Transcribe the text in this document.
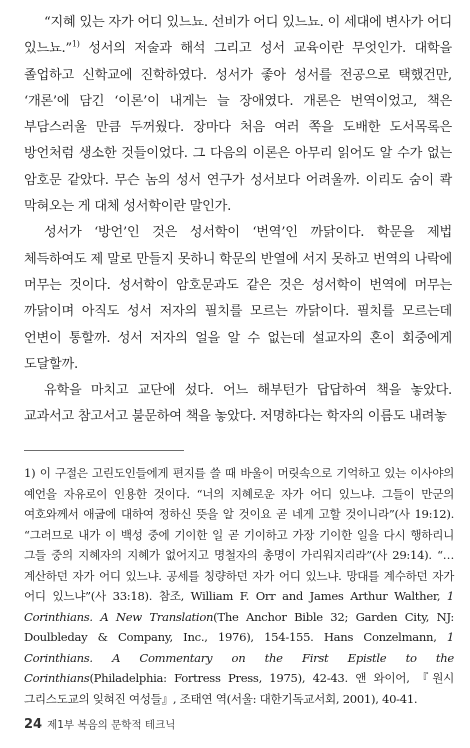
“지혜 있는 자가 어디 있느뇨. 선비가 어디 있느뇨. 이 세대에 변사가 어디 있느뇨.”$^{1)}$ 성서의 저술과 해석 그리고 성서 교육이란 무엇인가. 대학을 졸업하고 신학교에 진학하였다. 성서가 좋아 성서를 전공으로 택했건만, ‘개론’에 담긴 ‘이론’이 내게는 늘 장애였다. 개론은 번역이었고, 책은 부담스러울 만큼 두꺼웠다. 장마다 처음 여러 쪽을 도배한 도서목록은 방언처럼 생소한 것들이었다. 그 다음의 이론은 아무리 읽어도 알 수가 없는 암호문 같았다. 무슨 놈의 성서 연구가 성서보다 어려울까. 이리도 숨이 콱 막혀오는 게 대체 성서학이란 말인가.

성서가 ‘방언’인 것은 성서학이 ‘번역’인 까닭이다. 학문을 제법 체득하여도 제 말로 만들지 못하니 학문의 반열에 서지 못하고 번역의 나락에 머무는 것이다. 성서학이 암호문과도 같은 것은 성서학이 번역에 머무는 까닭이며 아직도 성서 저자의 필치를 모르는 까닭이다. 필치를 모르는데 언변이 통할까. 성서 저자의 얼을 알 수 없는데 설교자의 혼이 회중에게 도달할까.

유학을 마치고 교단에 섰다. 어느 해부턴가 답답하여 책을 놓았다. 교과서고 참고서고 불문하여 책을 놓았다. 저명하다는 학자의 이름도 내려놓

1) 이 구절은 고린도인들에게 편지를 쓸 때 바울이 머릿속으로 기억하고 있는 이사야의 예언을 자유로이 인용한 것이다. “너의 지혜로운 자가 어디 있느냐. 그들이 만군의 여호와께서 애굽에 대하여 정하신 뜻을 알 것이요 곧 네게 고할 것이니라”(사 19:12). “그러므로 내가 이 백성 중에 기이한 일 곧 기이하고 가장 기이한 일을 다시 행하리니 그들 중의 지혜자의 지혜가 없어지고 명철자의 총명이 가리워지리라”(사 29:14). “… 계산하던 자가 어디 있느냐. 공세를 칭량하던 자가 어디 있느냐. 망대를 계수하던 자가 어디 있느냐”(사 33:18). 참조, William F. Orr and James Arthur Walther, 1 Corinthians. A New Translation(The Anchor Bible 32; Garden City, NJ: Doulbleday & Company, Inc., 1976), 154-155. Hans Conzelmann, 1 Corinthians. A Commentary on the First Epistle to the Corinthians(Philadelphia: Fortress Press, 1975), 42-43. 앤 와이어, 『원시 그리스도교의 잊혀진 여성들』, 조태연 역(서울: 대한기독교서회, 2001), 40-41.

24 제1부 복음의 문학적 테크닉
